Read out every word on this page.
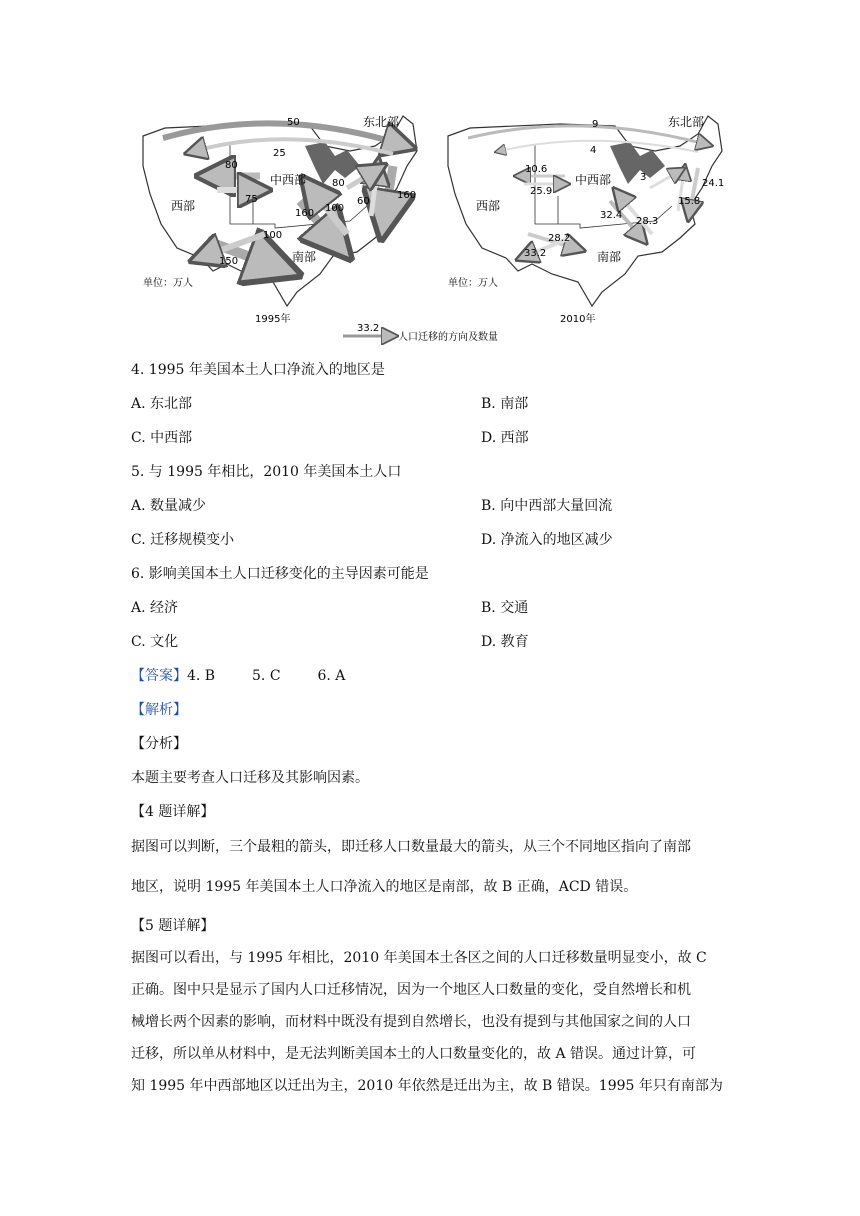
东北部
中西部
西部
南部
50
25
80
75	160
100
100
150
160
60
80
单位：万人
1995年
东北部
中西部
西部
南部
9
4
10.6
25.9
32.4
28.3
28.2
33.2
24.1
15.8
3
单位：万人
2010年
33.2
人口迁移的方向及数量
4. 1995 年美国本土人口净流入的地区是
A. 东北部	B. 南部
C. 中西部	D. 西部
5. 与 1995 年相比，2010 年美国本土人口
A. 数量减少	B. 向中西部大量回流
C. 迁移规模变小	D. 净流入的地区减少
6. 影响美国本土人口迁移变化的主导因素可能是
A. 经济	B. 交通
C. 文化	D. 教育
【答案】4. B	5. C	6. A
【解析】
【分析】
本题主要考查人口迁移及其影响因素。
【4 题详解】
据图可以判断，三个最粗的箭头，即迁移人口数量最大的箭头，从三个不同地区指向了南部
地区，说明 1995 年美国本土人口净流入的地区是南部，故 B 正确，ACD 错误。
【5 题详解】
据图可以看出，与 1995 年相比，2010 年美国本土各区之间的人口迁移数量明显变小，故 C
正确。图中只是显示了国内人口迁移情况，因为一个地区人口数量的变化，受自然增长和机
械增长两个因素的影响，而材料中既没有提到自然增长，也没有提到与其他国家之间的人口
迁移，所以单从材料中，是无法判断美国本土的人口数量变化的，故 A 错误。通过计算，可
知 1995 年中西部地区以迁出为主，2010 年依然是迁出为主，故 B 错误。1995 年只有南部为
